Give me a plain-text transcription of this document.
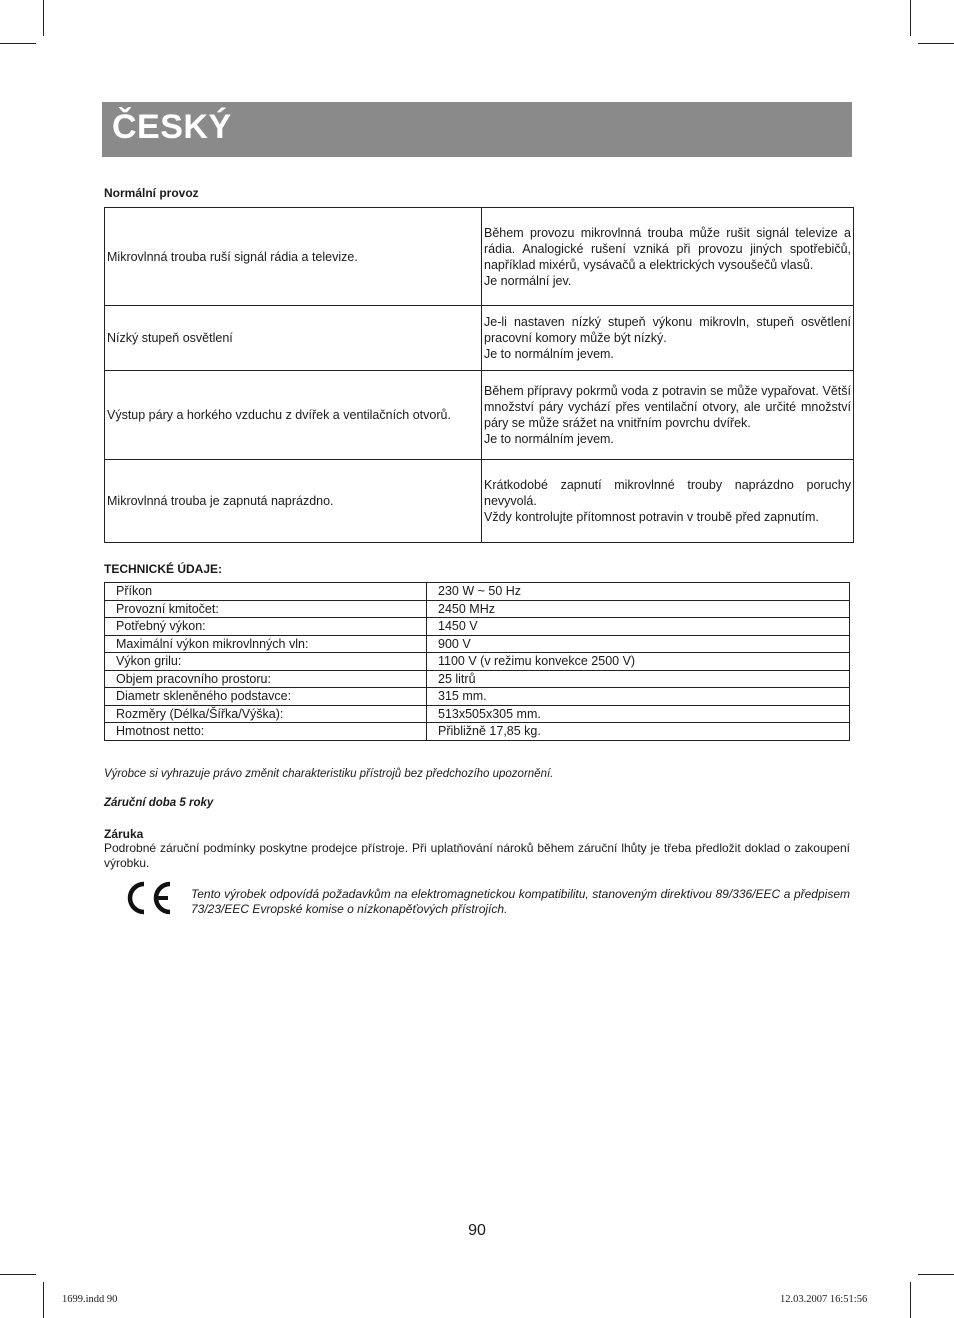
ČESKÝ
Normální provoz
Mikrovlnná trouba ruší signál rádia a televize.	Během provozu mikrovlnná trouba může rušit signál televize a rádia. Analogické rušení vzniká při provozu jiných spotřebičů, například mixérů, vysávačů a elektrických vysoušečů vlasů.
Je normální jev.

Nízký stupeň osvětlení	Je-li nastaven nízký stupeň výkonu mikrovln, stupeň osvětlení pracovní komory může být nízký.
Je to normálním jevem.

Výstup páry a horkého vzduchu z dvířek a ventilačních otvorů.	Během přípravy pokrmů voda z potravin se může vypařovat. Větší množství páry vychází přes ventilační otvory, ale určité množství páry se může srážet na vnitřním povrchu dvířek.
Je to normálním jevem.

Mikrovlnná trouba je zapnutá naprázdno.	Krátkodobé zapnutí mikrovlnné trouby naprázdno poruchy nevyvolá.
Vždy kontrolujte přítomnost potravin v troubě před zapnutím.
TECHNICKÉ ÚDAJE:
Příkon	230 W ~ 50 Hz
Provozní kmitočet:	2450 MHz
Potřebný výkon:	1450 V
Maximální výkon mikrovlnných vln:	900 V
Výkon grilu:	1100 V (v režimu konvekce 2500 V)
Objem pracovního prostoru:	25 litrů
Diametr skleněného podstavce:	315 mm.
Rozměry (Délka/Šířka/Výška):	513x505x305 mm.
Hmotnost netto:	Přibližně 17,85 kg.
Výrobce si vyhrazuje právo změnit charakteristiku přístrojů bez předchozího upozornění.
Záruční doba 5 roky
Záruka
Podrobné záruční podmínky poskytne prodejce přístroje. Při uplatňování nároků během záruční lhůty je třeba předložit doklad o zakoupení výrobku.
Tento výrobek odpovídá požadavkům na elektromagnetickou kompatibilitu, stanoveným direktivou 89/336/EEC a předpisem 73/23/EEC Evropské komise o nízkonapěťových přístrojích.
90
1699.indd 90	12.03.2007 16:51:56
